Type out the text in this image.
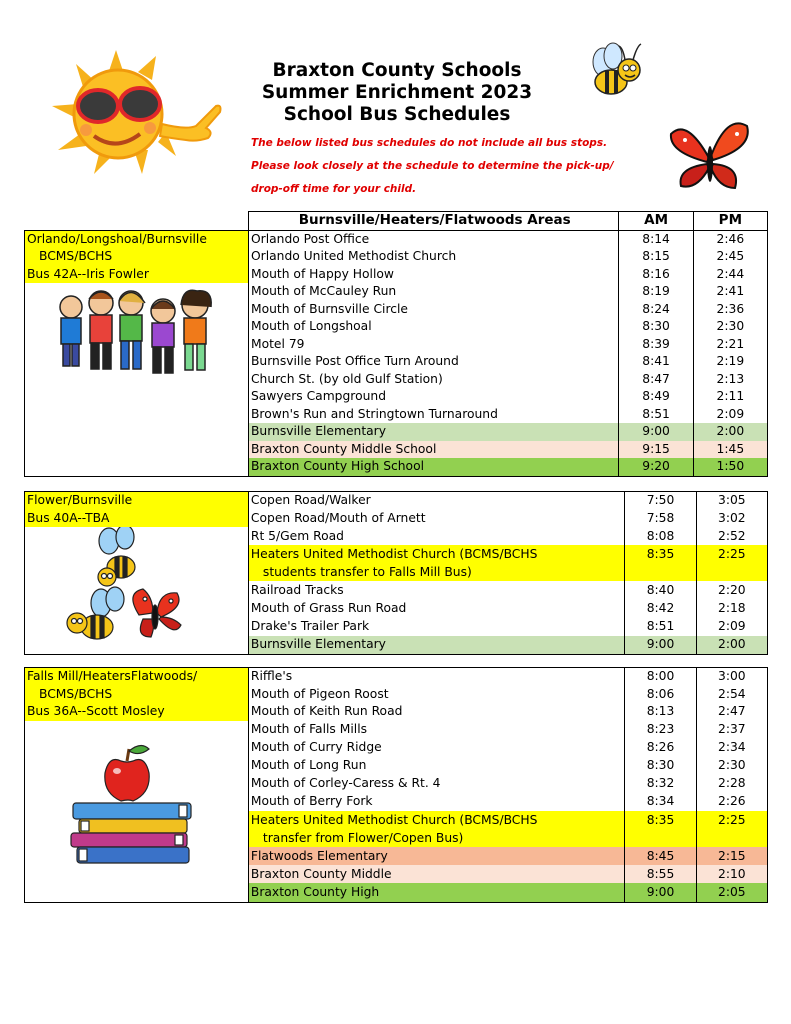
Braxton County Schools
Summer Enrichment 2023
School Bus Schedules
The below listed bus schedules do not include all bus stops.
Please look closely at the schedule to determine the pick-up/
drop-off time for your child.
	Burnsville/Heaters/Flatwoods Areas	AM	PM
Orlando/Longshoal/Burnsville	Orlando Post Office	8:14	2:46
BCMS/BCHS	Orlando United Methodist Church	8:15	2:45
Bus 42A--Iris Fowler	Mouth of Happy Hollow	8:16	2:44
	Mouth of McCauley Run	8:19	2:41
	Mouth of Burnsville Circle	8:24	2:36
	Mouth of Longshoal	8:30	2:30
	Motel 79	8:39	2:21
	Burnsville Post Office Turn Around	8:41	2:19
	Church St. (by old Gulf Station)	8:47	2:13
	Sawyers Campground	8:49	2:11
	Brown's Run and Stringtown Turnaround	8:51	2:09
	Burnsville Elementary	9:00	2:00
	Braxton County Middle School	9:15	1:45
	Braxton County High School	9:20	1:50
Flower/Burnsville	Copen Road/Walker	7:50	3:05
Bus 40A--TBA	Copen Road/Mouth of Arnett	7:58	3:02
	Rt 5/Gem Road	8:08	2:52
	Heaters United Methodist Church (BCMS/BCHS	8:35	2:25
	students transfer to Falls Mill Bus)		
	Railroad Tracks	8:40	2:20
	Mouth of Grass Run Road	8:42	2:18
	Drake's Trailer Park	8:51	2:09
	Burnsville Elementary	9:00	2:00
Falls Mill/HeatersFlatwoods/	Riffle's	8:00	3:00
BCMS/BCHS	Mouth of Pigeon Roost	8:06	2:54
Bus 36A--Scott Mosley	Mouth of Keith Run Road	8:13	2:47
	Mouth of Falls Mills	8:23	2:37
	Mouth of Curry Ridge	8:26	2:34
	Mouth of Long Run	8:30	2:30
	Mouth of Corley-Caress & Rt. 4	8:32	2:28
	Mouth of Berry Fork	8:34	2:26
	Heaters United Methodist Church (BCMS/BCHS	8:35	2:25
	transfer from Flower/Copen Bus)		
	Flatwoods Elementary	8:45	2:15
	Braxton County Middle	8:55	2:10
	Braxton County High	9:00	2:05
